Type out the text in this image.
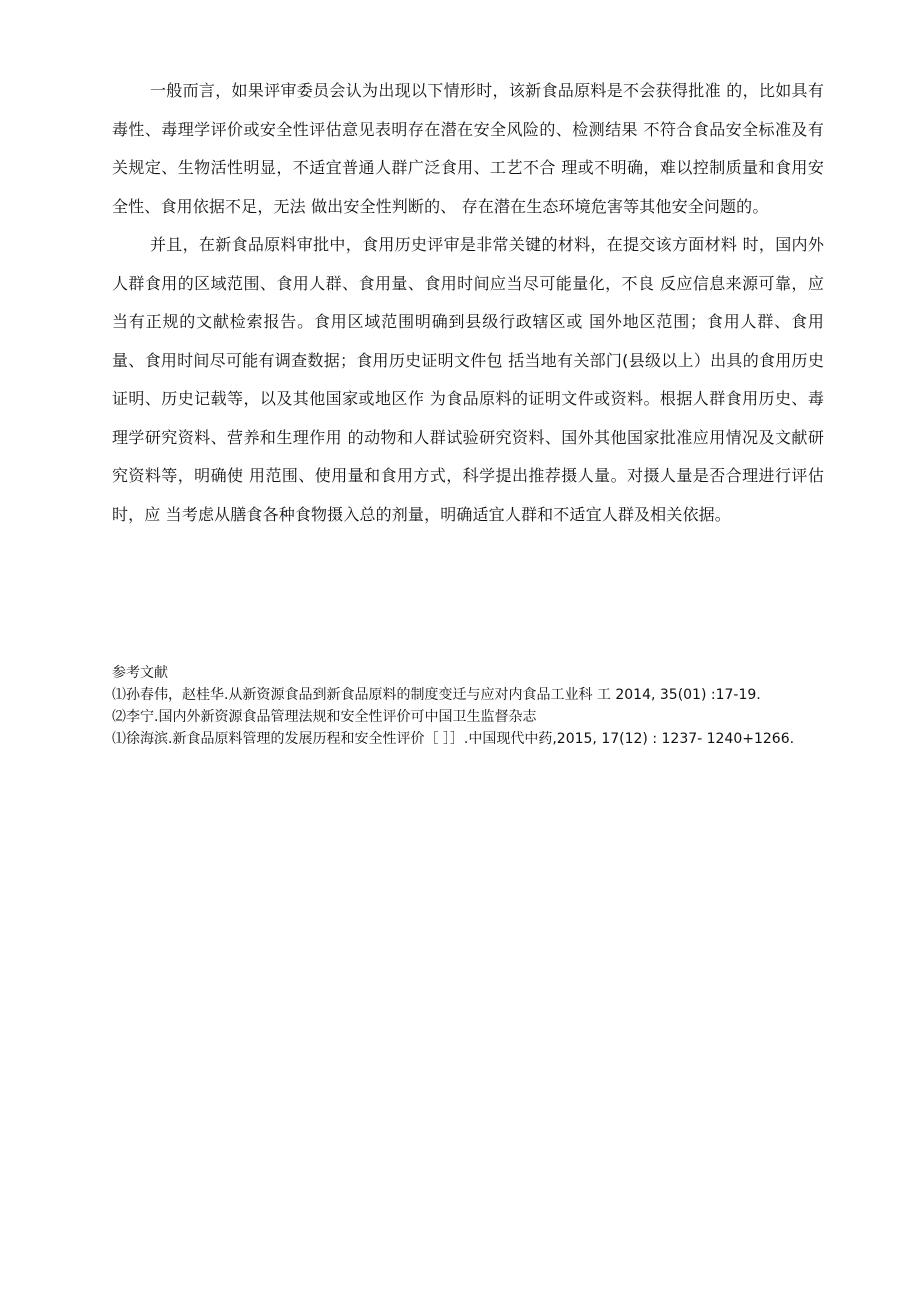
一般而言，如果评审委员会认为出现以下情形时，该新食品原料是不会获得批准 的，比如具有毒性、毒理学评价或安全性评估意见表明存在潜在安全风险的、检测结果 不符合食品安全标准及有关规定、生物活性明显，不适宜普通人群广泛食用、工艺不合 理或不明确，难以控制质量和食用安全性、食用依据不足，无法 做出安全性判断的、 存在潜在生态环境危害等其他安全问题的。

并且，在新食品原料审批中，食用历史评审是非常关键的材料，在提交该方面材料 时，国内外人群食用的区域范围、食用人群、食用量、食用时间应当尽可能量化，不良 反应信息来源可靠，应当有正规的文献检索报告。食用区域范围明确到县级行政辖区或 国外地区范围；食用人群、食用量、食用时间尽可能有调查数据；食用历史证明文件包 括当地有关部门(县级以上）出具的食用历史证明、历史记载等，以及其他国家或地区作 为食品原料的证明文件或资料。根据人群食用历史、毒理学研究资料、营养和生理作用 的动物和人群试验研究资料、国外其他国家批准应用情况及文献研究资料等，明确使 用范围、使用量和食用方式，科学提出推荐摄人量。对摄人量是否合理进行评估时，应 当考虑从膳食各种食物摄入总的剂量，明确适宜人群和不适宜人群及相关依据。

参考文献

⑴孙春伟，赵桂华.从新资源食品到新食品原料的制度变迁与应对内食品工业科 工 2014, 35(01) :17-19.

⑵李宁.国内外新资源食品管理法规和安全性评价可中国卫生监督杂志

⑴徐海滨.新食品原料管理的发展历程和安全性评价［ ］］.中国现代中药,2015, 17(12) : 1237- 1240+1266.
